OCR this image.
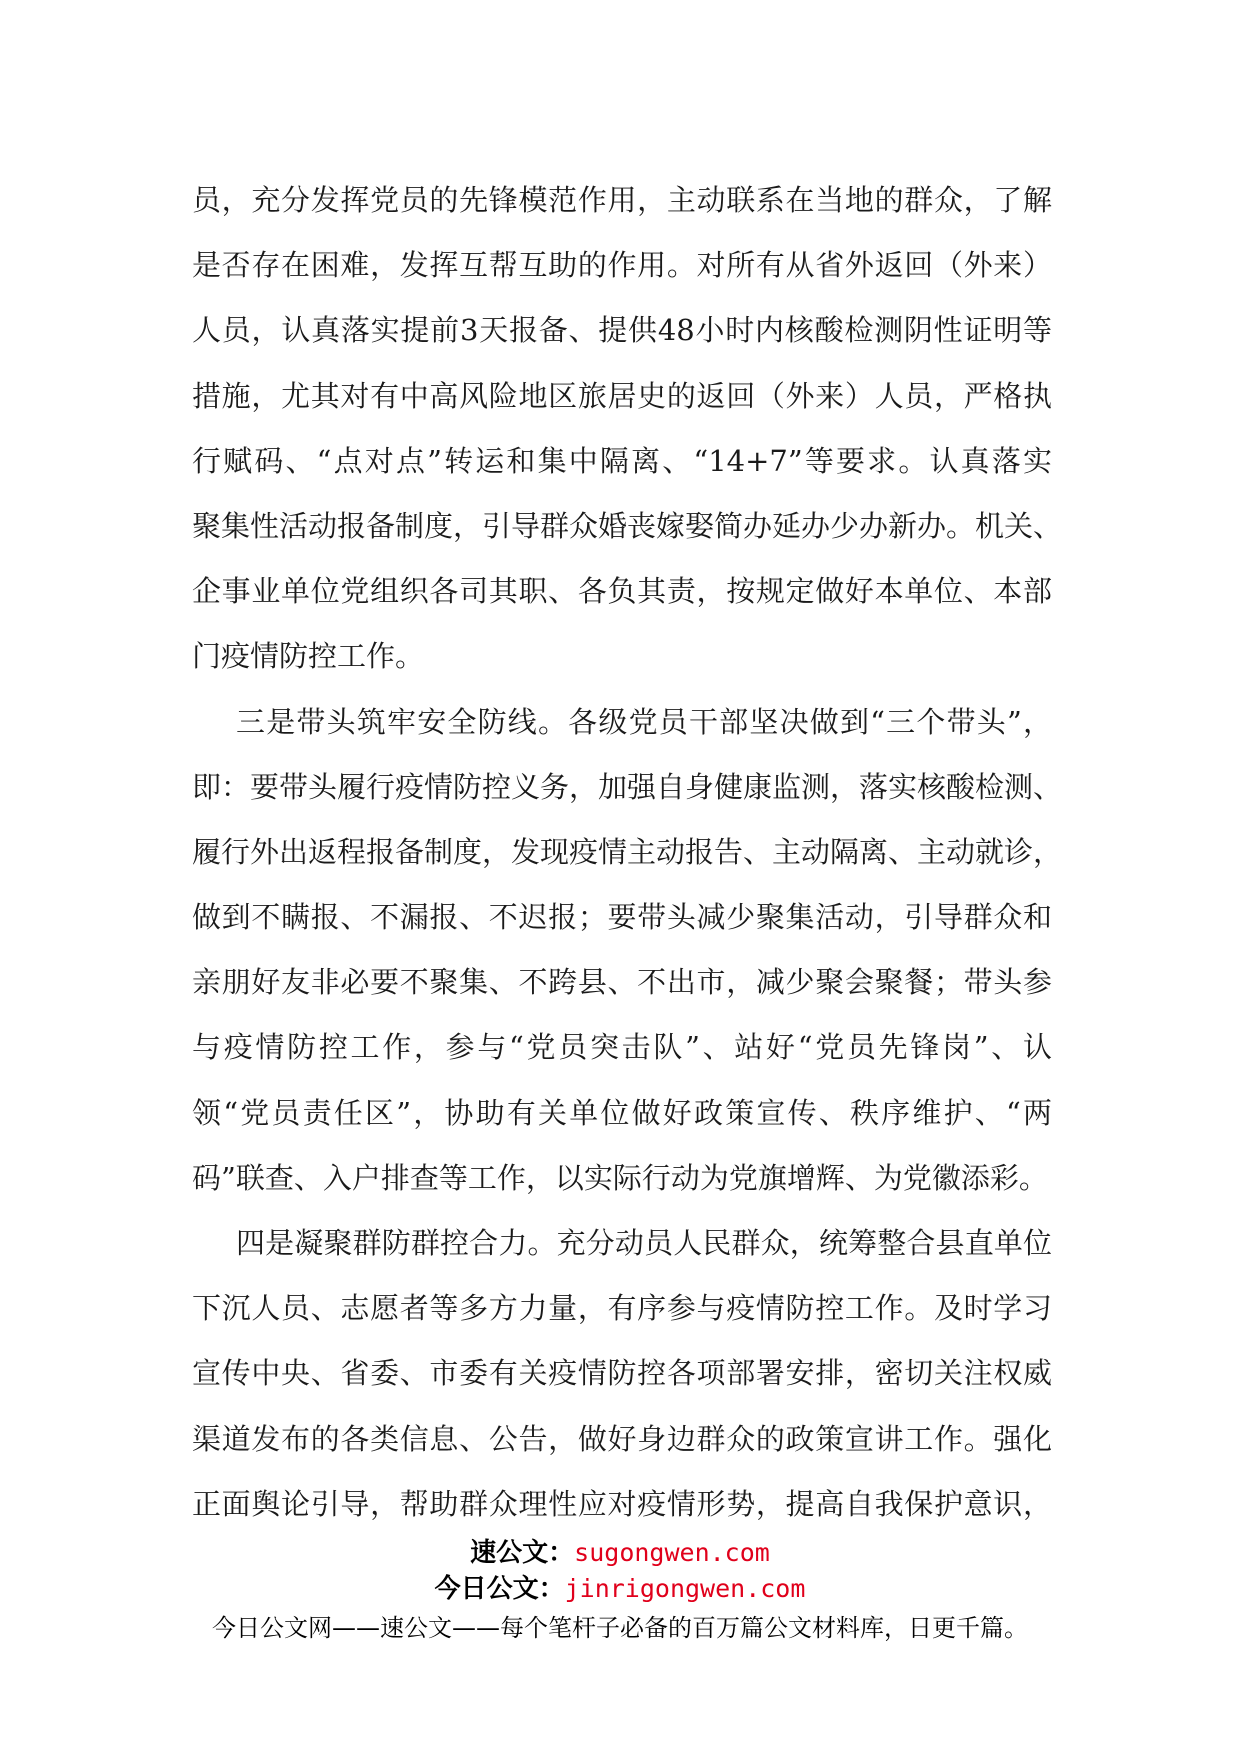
员，充分发挥党员的先锋模范作用，主动联系在当地的群众，了解
是否存在困难，发挥互帮互助的作用。对所有从省外返回（外来）
人员，认真落实提前3天报备、提供48小时内核酸检测阴性证明等
措施，尤其对有中高风险地区旅居史的返回（外来）人员，严格执
行赋码、“点对点”转运和集中隔离、“14+7”等要求。认真落实
聚集性活动报备制度，引导群众婚丧嫁娶简办延办少办新办。机关、
企事业单位党组织各司其职、各负其责，按规定做好本单位、本部
门疫情防控工作。
三是带头筑牢安全防线。各级党员干部坚决做到“三个带头”，
即：要带头履行疫情防控义务，加强自身健康监测，落实核酸检测、
履行外出返程报备制度，发现疫情主动报告、主动隔离、主动就诊，
做到不瞒报、不漏报、不迟报；要带头减少聚集活动，引导群众和
亲朋好友非必要不聚集、不跨县、不出市，减少聚会聚餐；带头参
与疫情防控工作，参与“党员突击队”、站好“党员先锋岗”、认
领“党员责任区”，协助有关单位做好政策宣传、秩序维护、“两
码”联查、入户排查等工作，以实际行动为党旗增辉、为党徽添彩。
四是凝聚群防群控合力。充分动员人民群众，统筹整合县直单位
下沉人员、志愿者等多方力量，有序参与疫情防控工作。及时学习
宣传中央、省委、市委有关疫情防控各项部署安排，密切关注权威
渠道发布的各类信息、公告，做好身边群众的政策宣讲工作。强化
正面舆论引导，帮助群众理性应对疫情形势，提高自我保护意识，
速公文：sugongwen.com
今日公文：jinrigongwen.com
今日公文网——速公文——每个笔杆子必备的百万篇公文材料库，日更千篇。
